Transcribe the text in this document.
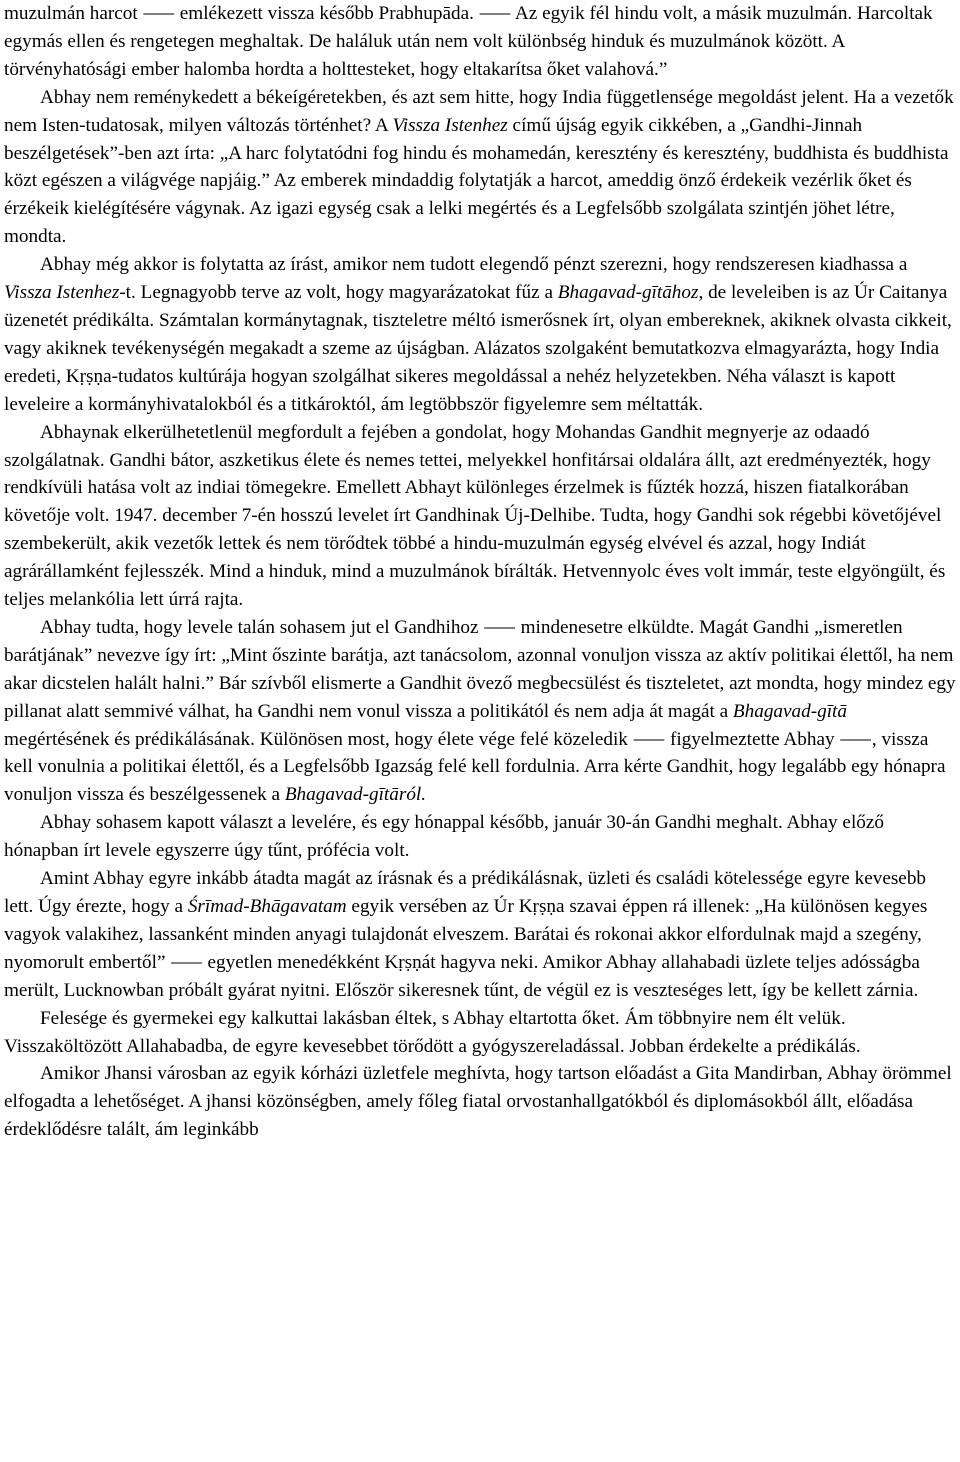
muzulmán harcot ⸺ emlékezett vissza később Prabhupāda. ⸺ Az egyik fél hindu volt, a másik muzulmán. Harcoltak egymás ellen és rengetegen meghaltak. De haláluk után nem volt különbség hinduk és muzulmánok között. A törvényhatósági ember halomba hordta a holttesteket, hogy eltakarítsa őket valahová.”

Abhay nem reménykedett a békeígéretekben, és azt sem hitte, hogy India függetlensége megoldást jelent. Ha a vezetők nem Isten-tudatosak, milyen változás történhet? A Vissza Istenhez című újság egyik cikkében, a „Gandhi-Jinnah beszélgetések”-ben azt írta: „A harc folytatódni fog hindu és mohamedán, keresztény és keresztény, buddhista és buddhista közt egészen a világvége napjáig.” Az emberek mindaddig folytatják a harcot, ameddig önző érdekeik vezérlik őket és érzékeik kielégítésére vágynak. Az igazi egység csak a lelki megértés és a Legfelsőbb szolgálata szintjén jöhet létre, mondta.

Abhay még akkor is folytatta az írást, amikor nem tudott elegendő pénzt szerezni, hogy rendszeresen kiadhassa a Vissza Istenhez-t. Legnagyobb terve az volt, hogy magyarázatokat fűz a Bhagavad-gītāhoz, de leveleiben is az Úr Caitanya üzenetét prédikálta. Számtalan kormánytagnak, tiszteletre méltó ismerősnek írt, olyan embereknek, akiknek olvasta cikkeit, vagy akiknek tevékenységén megakadt a szeme az újságban. Alázatos szolgaként bemutatkozva elmagyarázta, hogy India eredeti, Kṛṣṇa-tudatos kultúrája hogyan szolgálhat sikeres megoldással a nehéz helyzetekben. Néha választ is kapott leveleire a kormányhivatalokból és a titkároktól, ám legtöbbször figyelemre sem méltatták.

Abhaynak elkerülhetetlenül megfordult a fejében a gondolat, hogy Mohandas Gandhit megnyerje az odaadó szolgálatnak. Gandhi bátor, aszketikus élete és nemes tettei, melyekkel honfitársai oldalára állt, azt eredményezték, hogy rendkívüli hatása volt az indiai tömegekre. Emellett Abhayt különleges érzelmek is fűzték hozzá, hiszen fiatalkorában követője volt. 1947. december 7-én hosszú levelet írt Gandhinak Új-Delhibe. Tudta, hogy Gandhi sok régebbi követőjével szembekerült, akik vezetők lettek és nem törődtek többé a hindu-muzulmán egység elvével és azzal, hogy Indiát agrárállamként fejlesszék. Mind a hinduk, mind a muzulmánok bírálták. Hetvennyolc éves volt immár, teste elgyöngült, és teljes melankólia lett úrrá rajta.

Abhay tudta, hogy levele talán sohasem jut el Gandhihoz ⸺ mindenesetre elküldte. Magát Gandhi „ismeretlen barátjának” nevezve így írt: „Mint őszinte barátja, azt tanácsolom, azonnal vonuljon vissza az aktív politikai élettől, ha nem akar dicstelen halált halni.” Bár szívből elismerte a Gandhit övező megbecsülést és tiszteletet, azt mondta, hogy mindez egy pillanat alatt semmivé válhat, ha Gandhi nem vonul vissza a politikától és nem adja át magát a Bhagavad-gītā megértésének és prédikálásának. Különösen most, hogy élete vége felé közeledik ⸺ figyelmeztette Abhay ⸺, vissza kell vonulnia a politikai élettől, és a Legfelsőbb Igazság felé kell fordulnia. Arra kérte Gandhit, hogy legalább egy hónapra vonuljon vissza és beszélgessenek a Bhagavad-gītāról.

Abhay sohasem kapott választ a levelére, és egy hónappal később, január 30-án Gandhi meghalt. Abhay előző hónapban írt levele egyszerre úgy tűnt, prófécia volt.

Amint Abhay egyre inkább átadta magát az írásnak és a prédikálásnak, üzleti és családi kötelessége egyre kevesebb lett. Úgy érezte, hogy a Śrīmad-Bhāgavatam egyik versében az Úr Kṛṣṇa szavai éppen rá illenek: „Ha különösen kegyes vagyok valakihez, lassanként minden anyagi tulajdonát elveszem. Barátai és rokonai akkor elfordulnak majd a szegény, nyomorult embertől” ⸺ egyetlen menedékként Kṛṣṇát hagyva neki. Amikor Abhay allahabadi üzlete teljes adósságba merült, Lucknowban próbált gyárat nyitni. Először sikeresnek tűnt, de végül ez is veszteséges lett, így be kellett zárnia.

Felesége és gyermekei egy kalkuttai lakásban éltek, s Abhay eltartotta őket. Ám többnyire nem élt velük. Visszaköltözött Allahabadba, de egyre kevesebbet törődött a gyógyszereladással. Jobban érdekelte a prédikálás.

Amikor Jhansi városban az egyik kórházi üzletfele meghívta, hogy tartson előadást a Gita Mandirban, Abhay örömmel elfogadta a lehetőséget. A jhansi közönségben, amely főleg fiatal orvostanhallgatókból és diplomásokból állt, előadása érdeklődésre talált, ám leginkább
